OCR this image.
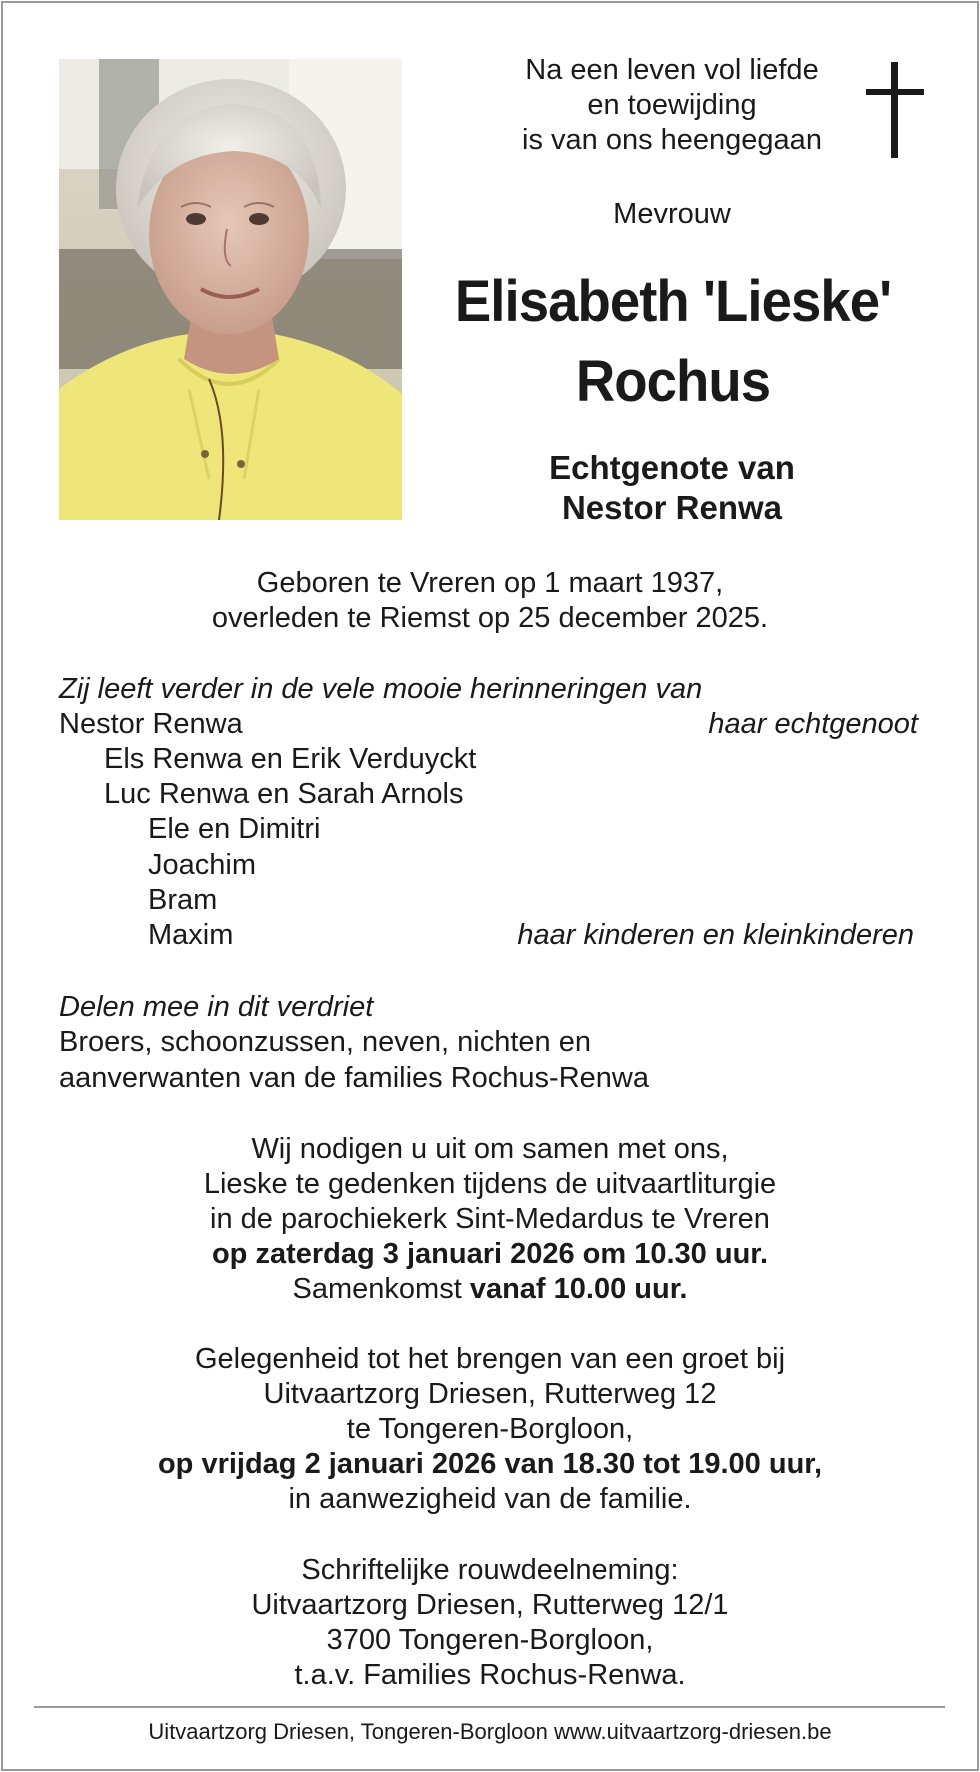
Na een leven vol liefde
en toewijding
is van ons heengegaan
Mevrouw
Elisabeth 'Lieske'
Rochus
Echtgenote van
Nestor Renwa
Geboren te Vreren op 1 maart 1937,
overleden te Riemst op 25 december 2025.
Zij leeft verder in de vele mooie herinneringen van
Nestor Renwa	haar echtgenoot
Els Renwa en Erik Verduyckt
Luc Renwa en Sarah Arnols
Ele en Dimitri
Joachim
Bram
Maxim	haar kinderen en kleinkinderen
Delen mee in dit verdriet
Broers, schoonzussen, neven, nichten en
aanverwanten van de families Rochus-Renwa
Wij nodigen u uit om samen met ons,
Lieske te gedenken tijdens de uitvaartliturgie
in de parochiekerk Sint-Medardus te Vreren
op zaterdag 3 januari 2026 om 10.30 uur.
Samenkomst vanaf 10.00 uur.
Gelegenheid tot het brengen van een groet bij
Uitvaartzorg Driesen, Rutterweg 12
te Tongeren-Borgloon,
op vrijdag 2 januari 2026 van 18.30 tot 19.00 uur,
in aanwezigheid van de familie.
Schriftelijke rouwdeelneming:
Uitvaartzorg Driesen, Rutterweg 12/1
3700 Tongeren-Borgloon,
t.a.v. Families Rochus-Renwa.
Uitvaartzorg Driesen, Tongeren-Borgloon www.uitvaartzorg-driesen.be
